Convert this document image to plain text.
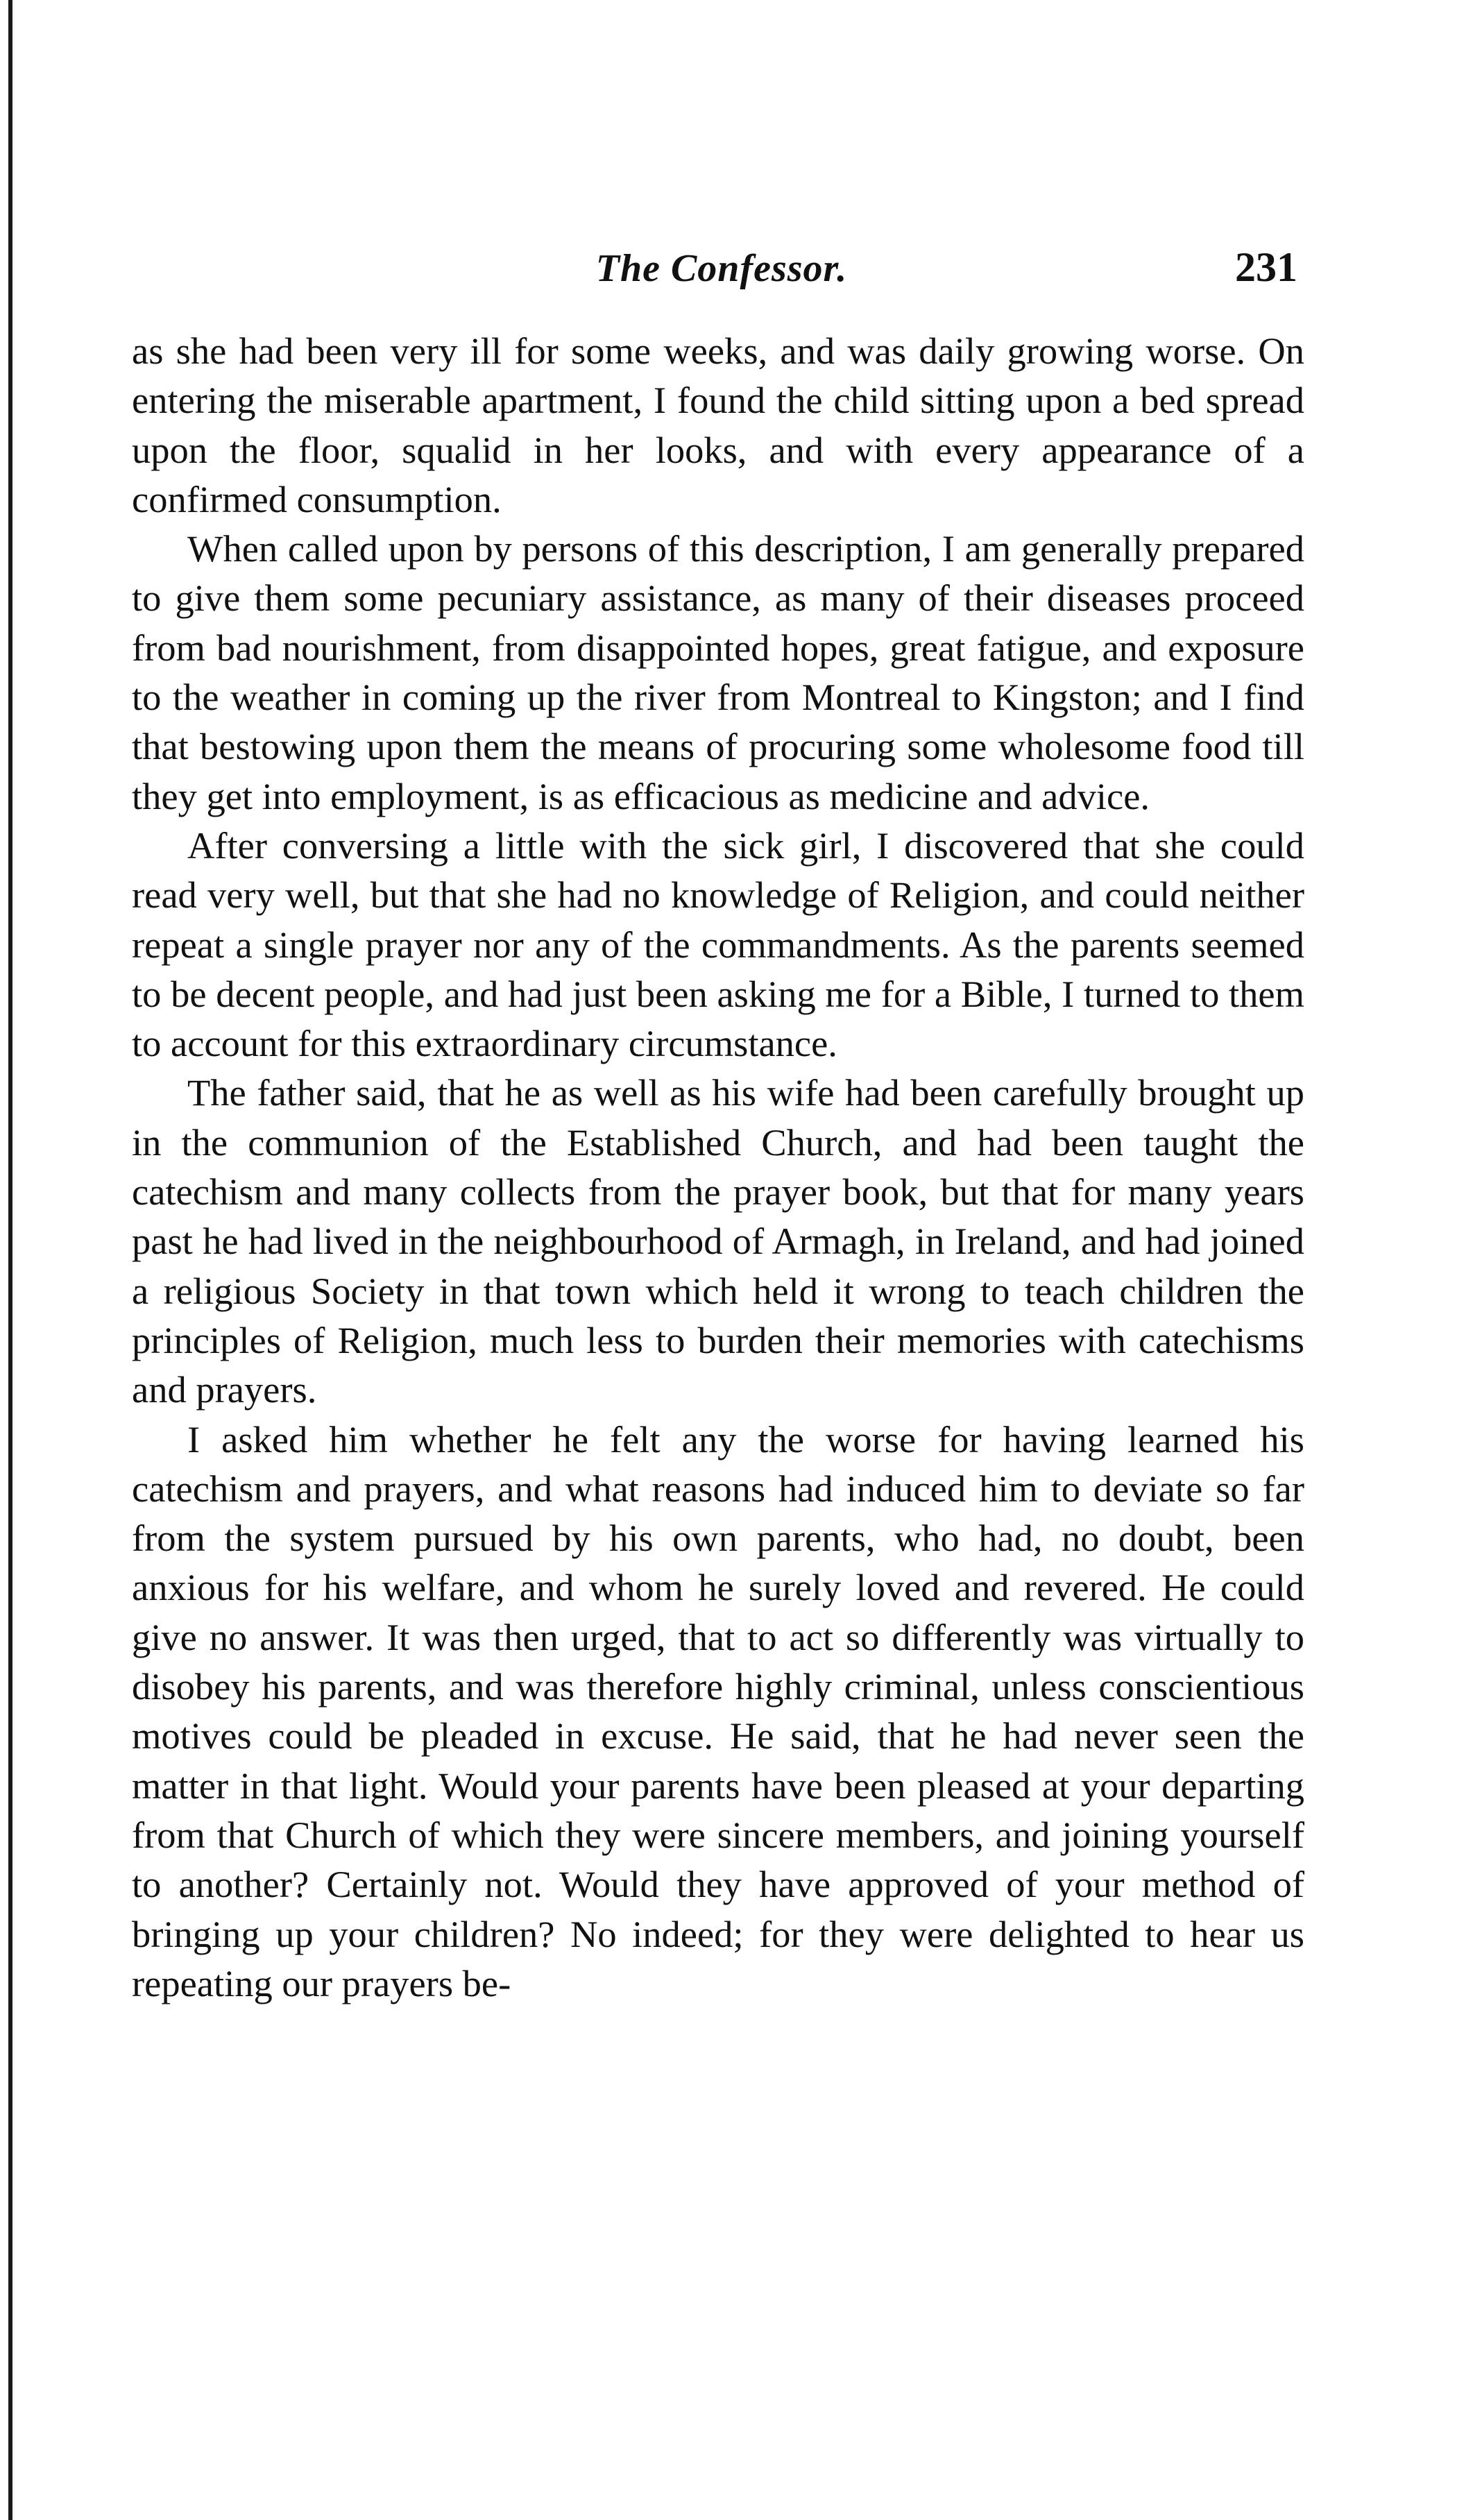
The Confessor.	231

as she had been very ill for some weeks, and was daily growing worse. On entering the miserable apartment, I found the child sitting upon a bed spread upon the floor, squalid in her looks, and with every appearance of a confirmed consumption.

When called upon by persons of this description, I am generally prepared to give them some pecuniary assistance, as many of their diseases proceed from bad nourishment, from disappointed hopes, great fatigue, and exposure to the weather in coming up the river from Montreal to Kingston; and I find that bestowing upon them the means of procuring some wholesome food till they get into employment, is as efficacious as medicine and advice.

After conversing a little with the sick girl, I discovered that she could read very well, but that she had no knowledge of Religion, and could neither repeat a single prayer nor any of the commandments. As the parents seemed to be decent people, and had just been asking me for a Bible, I turned to them to account for this extraordinary circumstance.

The father said, that he as well as his wife had been carefully brought up in the communion of the Established Church, and had been taught the catechism and many collects from the prayer book, but that for many years past he had lived in the neighbourhood of Armagh, in Ireland, and had joined a religious Society in that town which held it wrong to teach children the principles of Religion, much less to burden their memories with catechisms and prayers.

I asked him whether he felt any the worse for having learned his catechism and prayers, and what reasons had induced him to deviate so far from the system pursued by his own parents, who had, no doubt, been anxious for his welfare, and whom he surely loved and revered. He could give no answer. It was then urged, that to act so differently was virtually to disobey his parents, and was therefore highly criminal, unless conscientious motives could be pleaded in excuse. He said, that he had never seen the matter in that light. Would your parents have been pleased at your departing from that Church of which they were sincere members, and joining yourself to another? Certainly not. Would they have approved of your method of bringing up your children? No indeed; for they were delighted to hear us repeating our prayers be-
